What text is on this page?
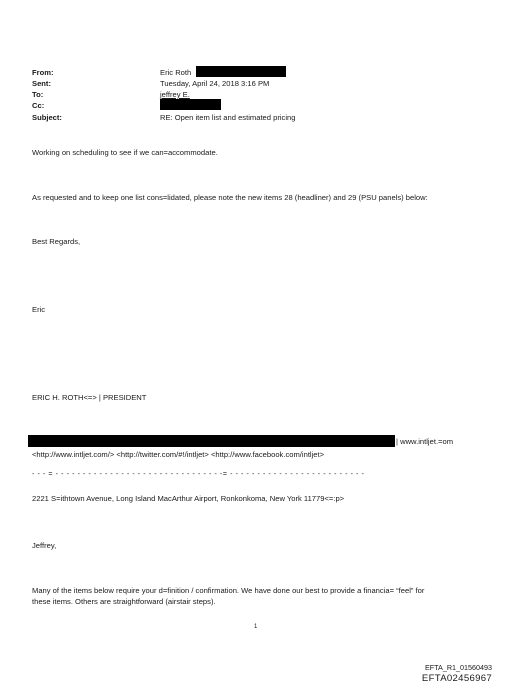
From:	Eric Roth
Sent:	Tuesday, April 24, 2018 3:16 PM
To:	jeffrey E.
Cc:
Subject:	RE: Open item list and estimated pricing
Working on scheduling to see if we can=accommodate.
As requested and to keep one list cons=lidated, please note the new items 28 (headliner) and 29 (PSU panels) below:
Best Regards,
Eric
ERIC H. ROTH<=> | PRESIDENT
| www.intljet.=om
<http://www.intljet.com/> <http://twitter.com/#!/intljet> <http://www.facebook.com/intljet>
- - - = - - - - - - - - - - - - - - - - - - - - - - - - - - - - - - -= - - - - - - - - - - - - - - - - - - - - - - - - -
2221 S=ithtown Avenue, Long Island MacArthur Airport, Ronkonkoma, New York 11779<=:p>
Jeffrey,
Many of the items below require your d=finition / confirmation. We have done our best to provide a financia= “feel” for
these items. Others are straightforward (airstair steps).
1
EFTA_R1_01560493
EFTA02456967
